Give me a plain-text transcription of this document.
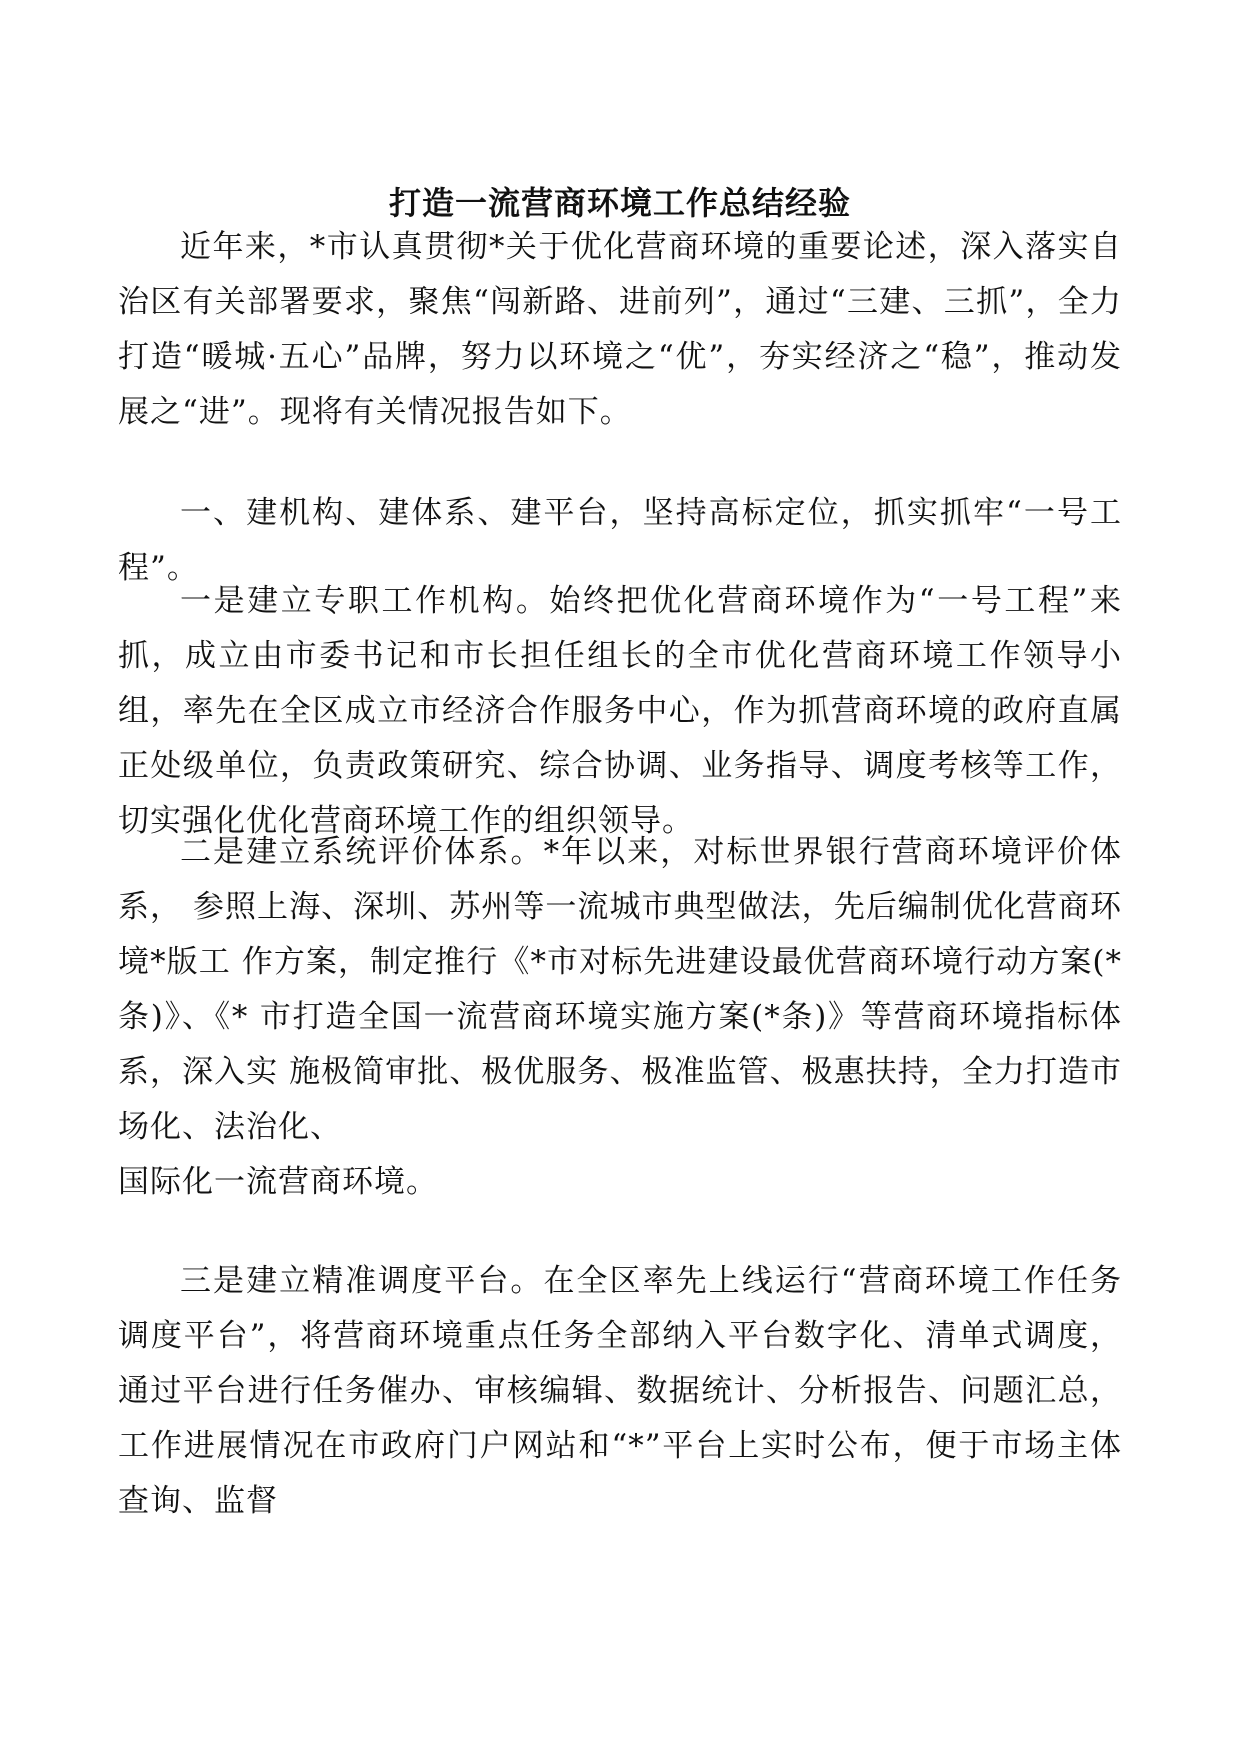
打造一流营商环境工作总结经验

近年来，*市认真贯彻*关于优化营商环境的重要论述，深入落实自治区有关部署要求，聚焦“闯新路、进前列”，通过“三建、三抓”，全力打造“暖城·五心”品牌，努力以环境之“优”，夯实经济之“稳”，推动发展之“进”。现将有关情况报告如下。

一、建机构、建体系、建平台，坚持高标定位，抓实抓牢“一号工程”。

一是建立专职工作机构。始终把优化营商环境作为“一号工程”来抓，成立由市委书记和市长担任组长的全市优化营商环境工作领导小组，率先在全区成立市经济合作服务中心，作为抓营商环境的政府直属正处级单位，负责政策研究、综合协调、业务指导、调度考核等工作，切实强化优化营商环境工作的组织领导。

二是建立系统评价体系。*年以来，对标世界银行营商环境评价体系， 参照上海、深圳、苏州等一流城市典型做法，先后编制优化营商环境*版工 作方案，制定推行《*市对标先进建设最优营商环境行动方案(*条)》、《* 市打造全国一流营商环境实施方案(*条)》等营商环境指标体系，深入实 施极简审批、极优服务、极准监管、极惠扶持，全力打造市场化、法治化、
国际化一流营商环境。

三是建立精准调度平台。在全区率先上线运行“营商环境工作任务调度平台”，将营商环境重点任务全部纳入平台数字化、清单式调度，通过平台进行任务催办、审核编辑、数据统计、分析报告、问题汇总，工作进展情况在市政府门户网站和“*”平台上实时公布，便于市场主体查询、监督
